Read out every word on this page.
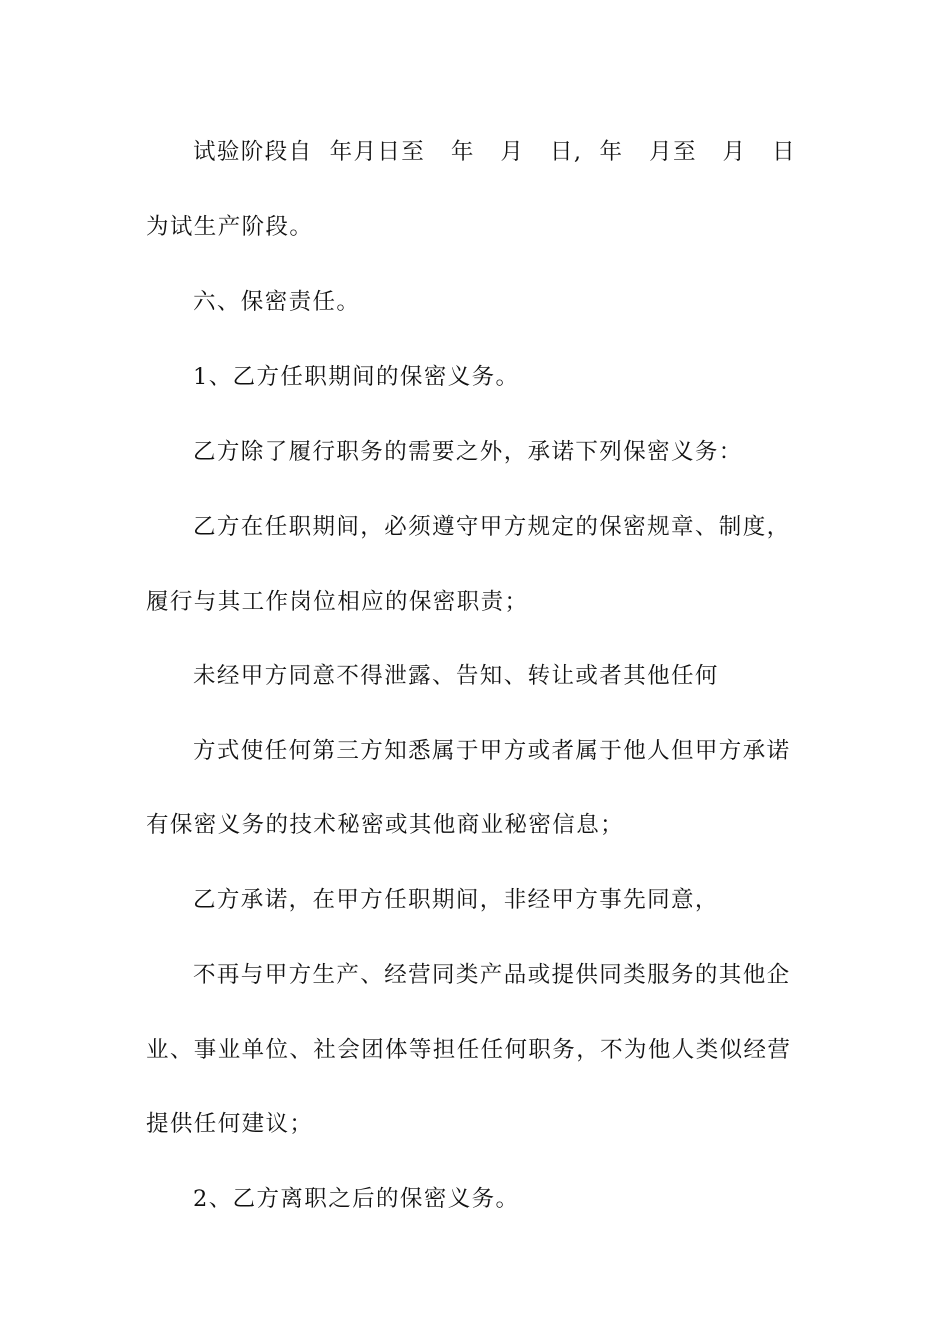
试验阶段自  年月日至   年   月   日,  年   月至   月   日
为试生产阶段。
六、保密责任。
1、乙方任职期间的保密义务。
乙方除了履行职务的需要之外，承诺下列保密义务：
乙方在任职期间，必须遵守甲方规定的保密规章、制度，
履行与其工作岗位相应的保密职责；
未经甲方同意不得泄露、告知、转让或者其他任何
方式使任何第三方知悉属于甲方或者属于他人但甲方承诺
有保密义务的技术秘密或其他商业秘密信息；
乙方承诺，在甲方任职期间，非经甲方事先同意，
不再与甲方生产、经营同类产品或提供同类服务的其他企
业、事业单位、社会团体等担任任何职务，不为他人类似经营
提供任何建议；
2、乙方离职之后的保密义务。
